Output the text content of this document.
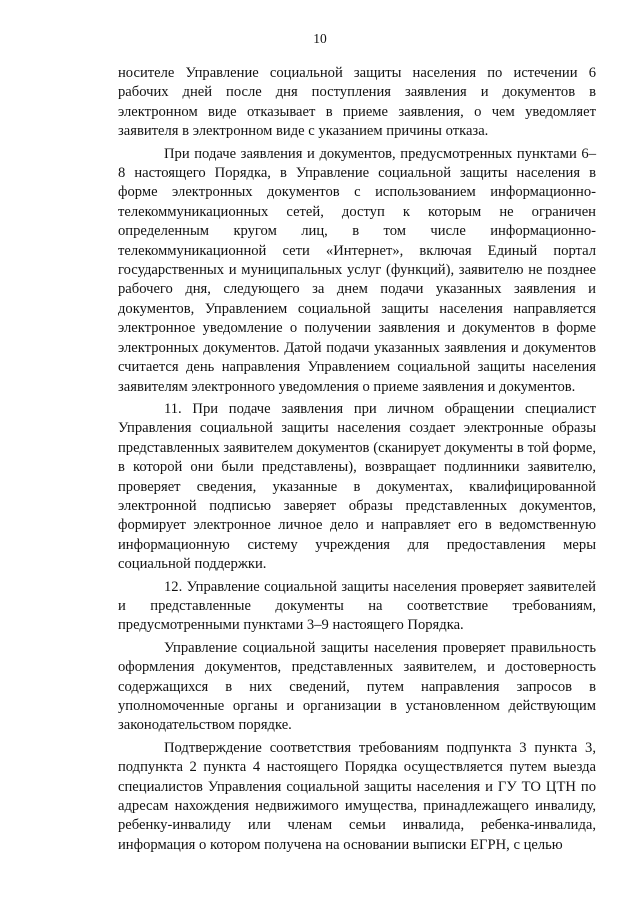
10

носителе Управление социальной защиты населения по истечении 6 рабочих дней после дня поступления заявления и документов в электронном виде отказывает в приеме заявления, о чем уведомляет заявителя в электронном виде с указанием причины отказа.

При подаче заявления и документов, предусмотренных пунктами 6–8 настоящего Порядка, в Управление социальной защиты населения в форме электронных документов с использованием информационно-телекоммуникационных сетей, доступ к которым не ограничен определенным кругом лиц, в том числе информационно-телекоммуникационной сети «Интернет», включая Единый портал государственных и муниципальных услуг (функций), заявителю не позднее рабочего дня, следующего за днем подачи указанных заявления и документов, Управлением социальной защиты населения направляется электронное уведомление о получении заявления и документов в форме электронных документов. Датой подачи указанных заявления и документов считается день направления Управлением социальной защиты населения заявителям электронного уведомления о приеме заявления и документов.

11. При подаче заявления при личном обращении специалист Управления социальной защиты населения создает электронные образы представленных заявителем документов (сканирует документы в той форме, в которой они были представлены), возвращает подлинники заявителю, проверяет сведения, указанные в документах, квалифицированной электронной подписью заверяет образы представленных документов, формирует электронное личное дело и направляет его в ведомственную информационную систему учреждения для предоставления меры социальной поддержки.

12. Управление социальной защиты населения проверяет заявителей и представленные документы на соответствие требованиям, предусмотренными пунктами 3–9 настоящего Порядка.

Управление социальной защиты населения проверяет правильность оформления документов, представленных заявителем, и достоверность содержащихся в них сведений, путем направления запросов в уполномоченные органы и организации в установленном действующим законодательством порядке.

Подтверждение соответствия требованиям подпункта 3 пункта 3, подпункта 2 пункта 4 настоящего Порядка осуществляется путем выезда специалистов Управления социальной защиты населения и ГУ ТО ЦТН по адресам нахождения недвижимого имущества, принадлежащего инвалиду, ребенку-инвалиду или членам семьи инвалида, ребенка-инвалида, информация о котором получена на основании выписки ЕГРН, с целью
